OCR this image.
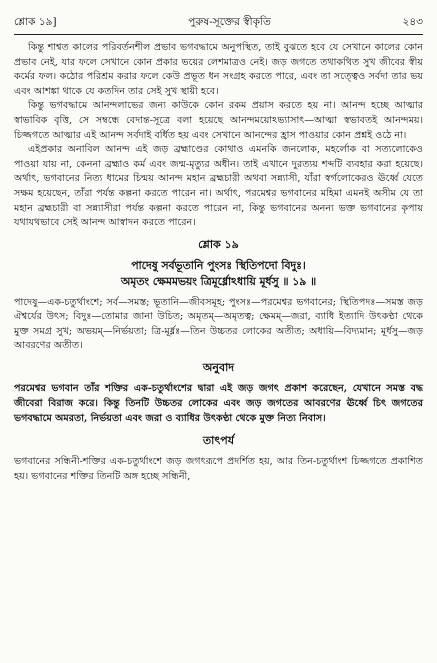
শ্লোক ১৯]	পুরুষ-সূক্তের স্বীকৃতি	২৪৩

কিন্তু শাশ্বত কালের পরিবর্তনশীল প্রভাব ভগবদ্ধামে অনুপস্থিত, তাই বুঝতে হবে যে সেখানে কালের কোন প্রভাব নেই, যার ফলে সেখানে কোন প্রকার ভয়ের লেশমাত্রও নেই। জড় জগতে তথাকথিত সুখ জীবের স্বীয় কর্মের ফল। কঠোর পরিশ্রম করার ফলে কেউ প্রভূত ধন সংগ্রহ করতে পারে, এবং তা সত্ত্বেও সর্বদা তার ভয় এবং আশঙ্কা থাকে যে কতদিন তার সেই সুখ স্থায়ী হবে।

কিন্তু ভগবদ্ধামে আনন্দলাভের জন্য কাউকে কোন রকম প্রয়াস করতে হয় না। আনন্দ হচ্ছে আত্মার স্বাভাবিক বৃত্তি, সে সম্বন্ধে বেদান্ত-সূত্রে বলা হয়েছে আনন্দময়োঽভ্যাসাৎ—আত্মা স্বভাবতই আনন্দময়। চিজ্জগতে আত্মার এই আনন্দ সর্বদাই বর্ধিত হয় এবং সেখানে আনন্দের হ্রাস পাওয়ার কোন প্রশ্নই ওঠে না।

এইপ্রকার অনাবিল আনন্দ এই জড় ব্রহ্মাণ্ডের কোথাও এমনকি জনলোক, মহর্লোক বা সত্যলোকেও পাওয়া যায় না, কেননা ব্রহ্মাও কর্ম এবং জন্ম-মৃত্যুর অধীন। তাই এখানে দুরত্যয় শব্দটি ব্যবহার করা হয়েছে। অর্থাৎ, ভগবানের নিত্য ধামের চিন্ময় আনন্দ মহান ব্রহ্মচারী অথবা সন্ন্যাসী, যাঁরা স্বর্গলোকেরও ঊর্ধ্বে যেতে সক্ষম হয়েছেন, তাঁরা পর্যন্ত কল্পনা করতে পারেন না। অর্থাৎ, পরমেশ্বর ভগবানের মহিমা এমনই অসীম যে তা মহান ব্রহ্মচারী বা সন্ন্যাসীরা পর্যন্ত কল্পনা করতে পারেন না, কিন্তু ভগবানের অনন্য ভক্ত ভগবানের কৃপায় যথাযথভাবে সেই আনন্দ আস্বাদন করতে পারেন।

শ্লোক ১৯

পাদেষু সর্বভূতানি পুংসঃ স্থিতিপদো বিদুঃ।

অমৃতং ক্ষেমমভয়ং ত্রিমূর্ধ্নোঽধায়ি মূর্ধসু ॥ ১৯ ॥

পাদেষু—এক-চতুর্থাংশে; সর্ব—সমস্ত; ভূতানি—জীবসমূহ; পুংসঃ—পরমেশ্বর ভগবানের; স্থিতিপদঃ—সমস্ত জড় ঐশ্বর্যের উৎস; বিদুঃ—তোমার জানা উচিত; অমৃতম্—অমৃতত্ব; ক্ষেমম্—জরা, ব্যাধি ইত্যাদি উৎকণ্ঠা থেকে মুক্ত সমগ্র সুখ; অভয়ম্—নির্ভয়তা; ত্রি-মূর্ধ্নঃ—তিন উচ্চতর লোকের অতীত; অধায়ি—বিদ্যমান; মূর্ধসু—জড় আবরণের অতীত।

অনুবাদ

পরমেশ্বর ভগবান তাঁর শক্তির এক-চতুর্থাংশের দ্বারা এই জড় জগৎ প্রকাশ করেছেন, যেখানে সমস্ত বদ্ধ জীবেরা বিরাজ করে। কিন্তু তিনটি উচ্চতর লোকের এবং জড় জগতের আবরণের ঊর্ধ্বে চিৎ জগতের ভগবদ্ধামে অমরতা, নির্ভয়তা এবং জরা ও ব্যাধির উৎকণ্ঠা থেকে মুক্ত নিত্য নিবাস।

তাৎপর্য

ভগবানের সন্ধিনী-শক্তির এক-চতুর্থাংশে জড় জগৎরূপে প্রদর্শিত হয়, আর তিন-চতুর্থাংশ চিজ্জগতে প্রকাশিত হয়। ভগবানের শক্তির তিনটি অঙ্গ হচ্ছে সন্ধিনী,
